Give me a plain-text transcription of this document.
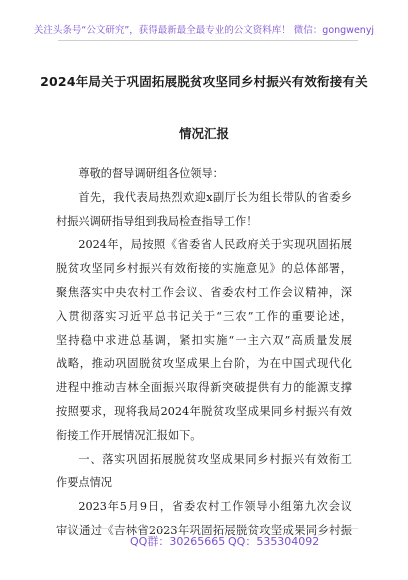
关注头条号“公文研究”，获得最新最全最专业的公文资料库！ 微信：gongwenyj
2024年局关于巩固拓展脱贫攻坚同乡村振兴有效衔接有关
情况汇报

尊敬的督导调研组各位领导：

首先，我代表局热烈欢迎x副厅长为组长带队的省委乡
村振兴调研指导组到我局检查指导工作！

2024年，局按照《省委省人民政府关于实现巩固拓展
脱贫攻坚同乡村振兴有效衔接的实施意见》的总体部署，
聚焦落实中央农村工作会议、省委农村工作会议精神，深
入贯彻落实习近平总书记关于“三农”工作的重要论述，
坚持稳中求进总基调，紧扣实施“一主六双”高质量发展
战略，推动巩固脱贫攻坚成果上台阶，为在中国式现代化
进程中推动吉林全面振兴取得新突破提供有力的能源支撑
按照要求，现将我局2024年脱贫攻坚成果同乡村振兴有效
衔接工作开展情况汇报如下。

一、落实巩固拓展脱贫攻坚成果同乡村振兴有效衔工
作要点情况

2023年5月9日，省委农村工作领导小组第九次会议
审议通过《吉林省2023年巩固拓展脱贫攻坚成果同乡村振

QQ群：30265665 QQ：535304092
